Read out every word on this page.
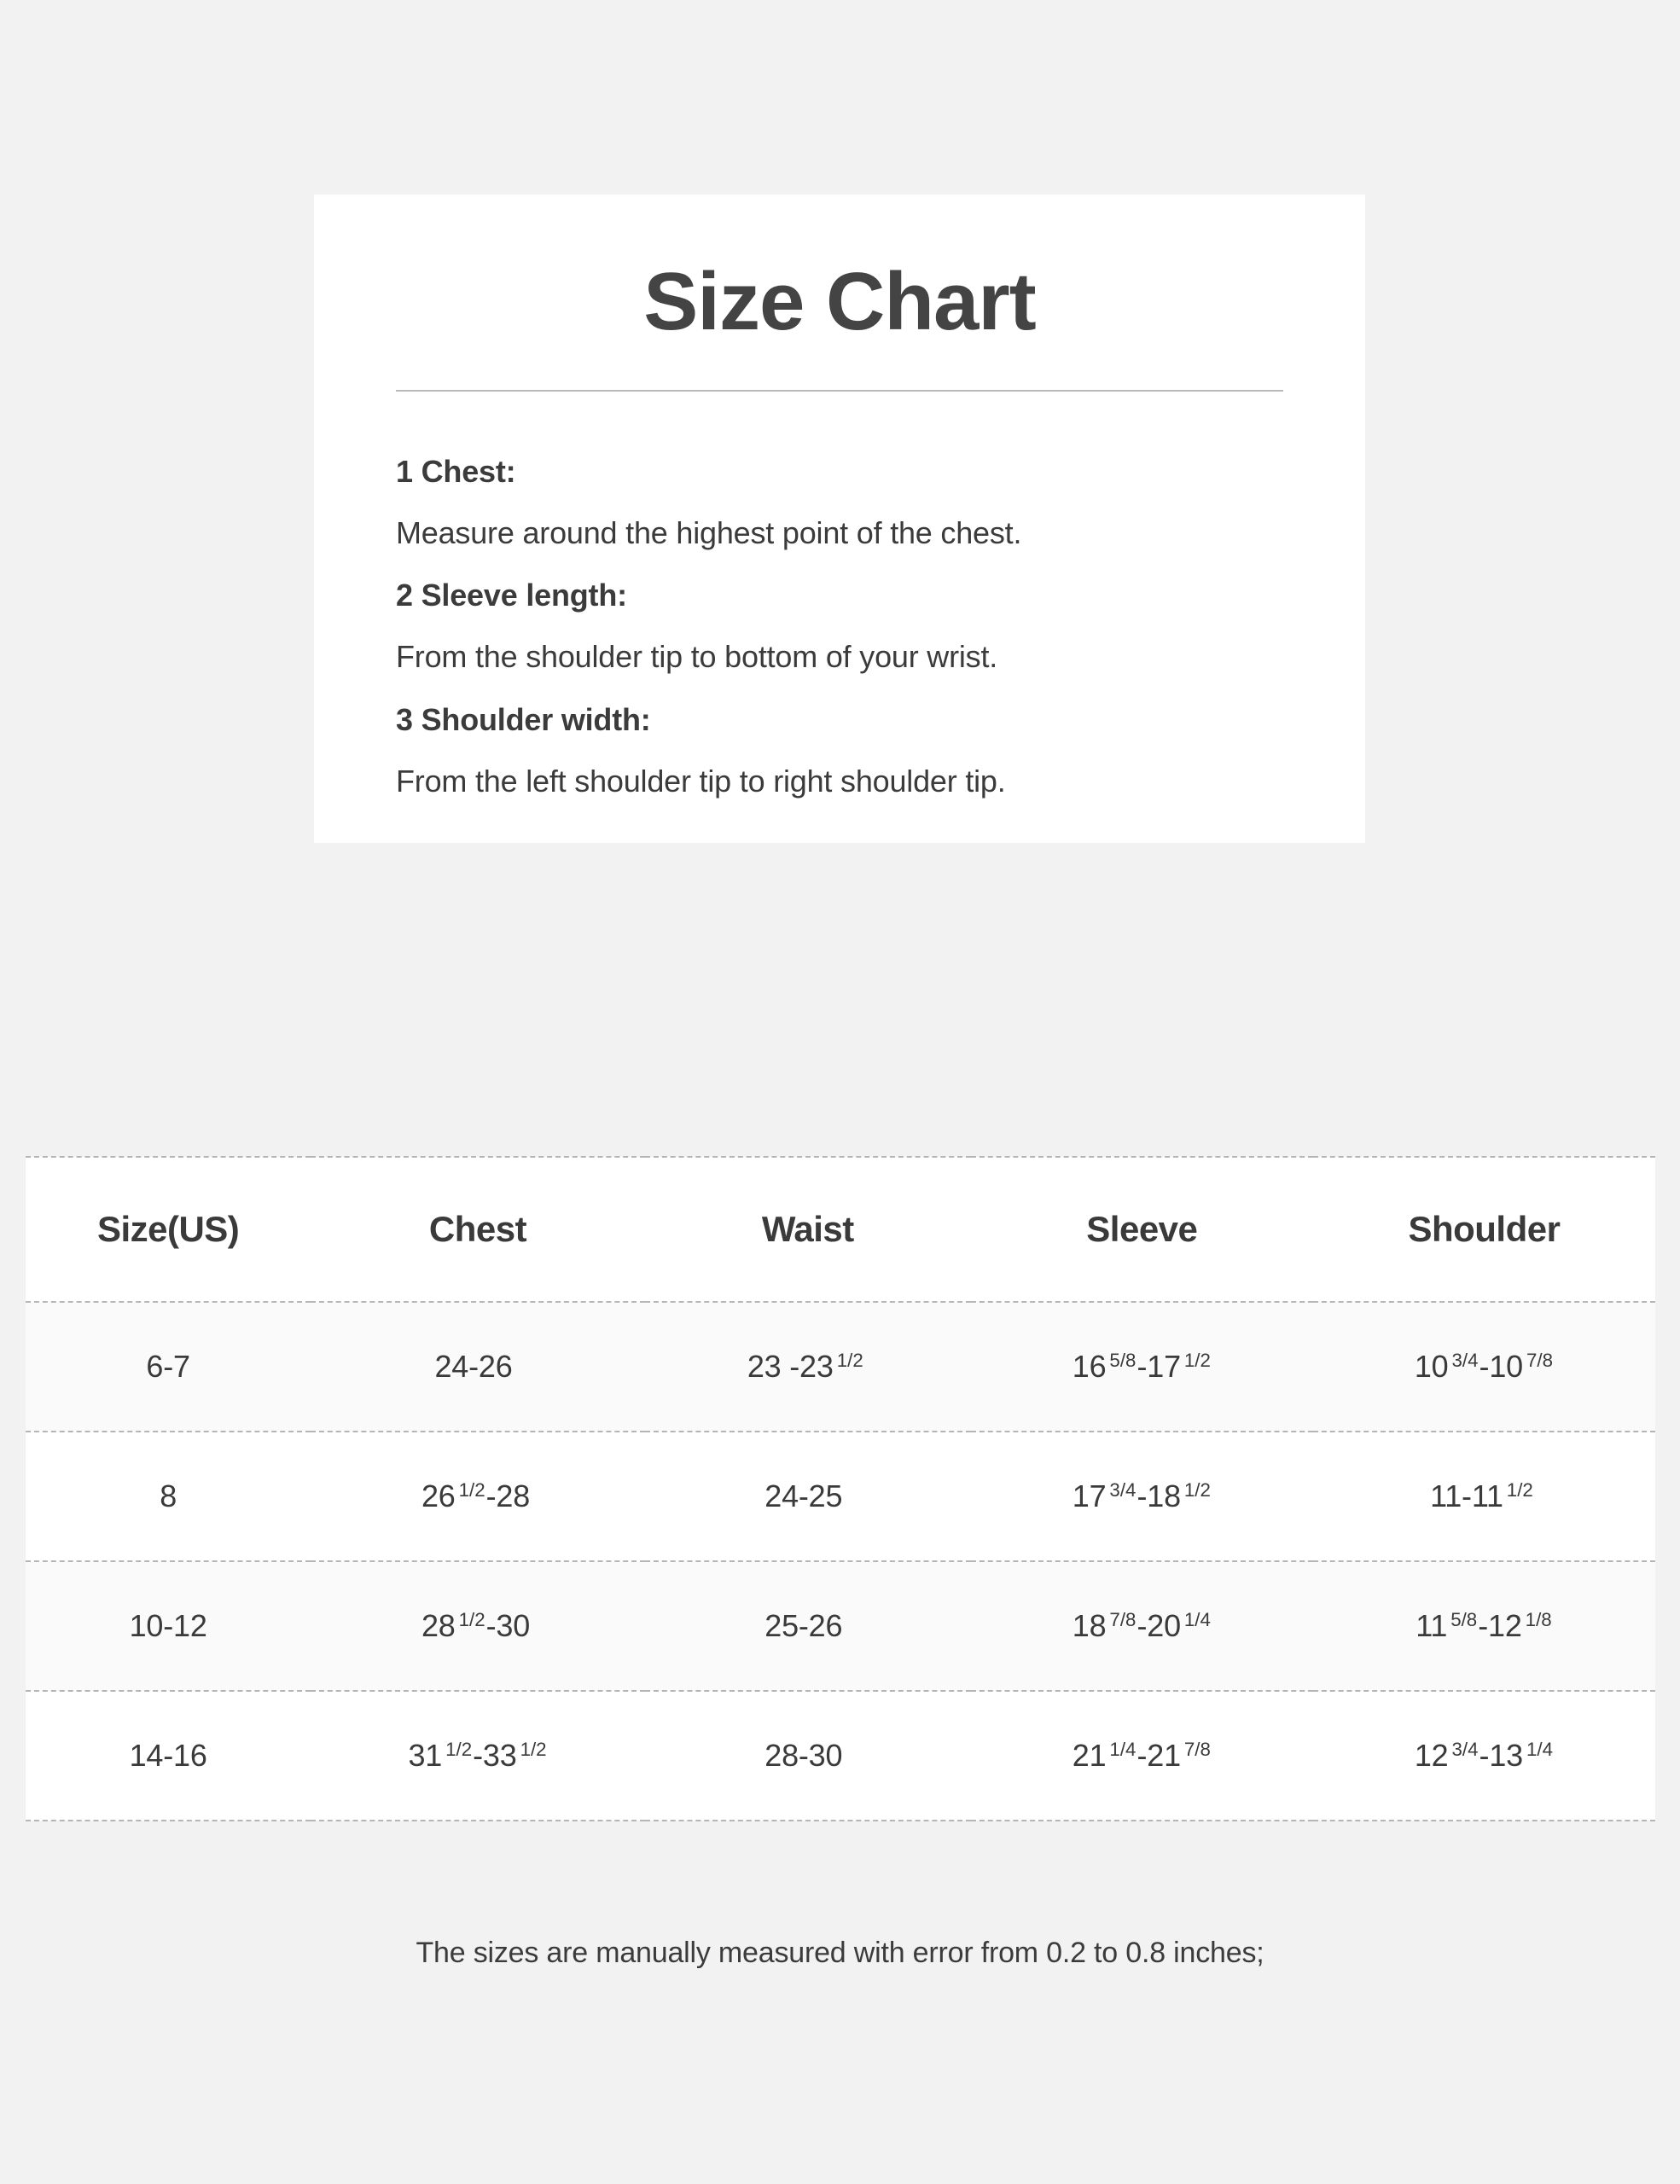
Size Chart

1 Chest:

Measure around the highest point of the chest.

2 Sleeve length:

From the shoulder tip to bottom of your wrist.

3 Shoulder width:

From the left shoulder tip to right shoulder tip.

Size(US)	Chest	Waist	Sleeve	Shoulder
6-7	24-26	23 -23 $^{1/2}$	16 $^{5/8}$-17 $^{1/2}$	10 $^{3/4}$-10 $^{7/8}$
8	26 $^{1/2}$-28	24-25	17 $^{3/4}$-18 $^{1/2}$	11-11 $^{1/2}$
10-12	28 $^{1/2}$-30	25-26	18 $^{7/8}$-20 $^{1/4}$	11 $^{5/8}$-12 $^{1/8}$
14-16	31 $^{1/2}$-33 $^{1/2}$	28-30	21 $^{1/4}$-21 $^{7/8}$	12 $^{3/4}$-13 $^{1/4}$
The sizes are manually measured with error from 0.2 to 0.8 inches;
